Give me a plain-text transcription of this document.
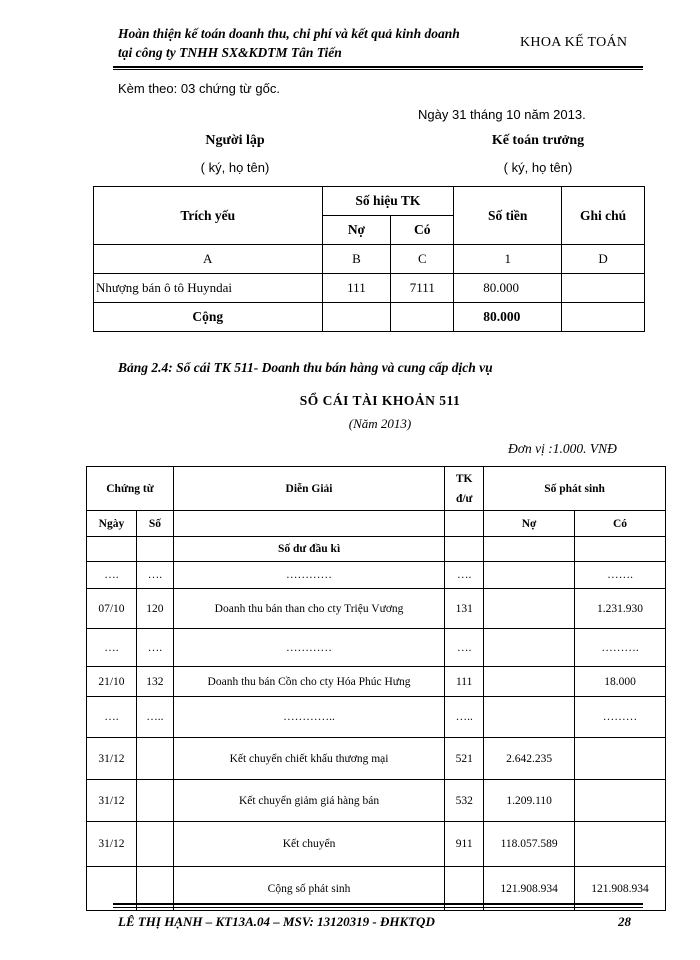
Hoàn thiện kế toán doanh thu, chi phí và kết quả kinh doanh
tại công ty TNHH SX&KDTM Tân Tiến
KHOA KẾ TOÁN
Kèm theo: 03 chứng từ gốc.
Ngày 31 tháng 10 năm 2013.
Người lập
( ký, họ tên)
Kế toán trưởng
( ký, họ tên)
Trích yếu	Số hiệu TK		Số tiền	Ghi chú
	Nợ	Có		
A	B	C	1	D
Nhượng bán ô tô Huyndai	111	7111	80.000	
Cộng			80.000	
Bảng 2.4: Sổ cái TK 511- Doanh thu bán hàng và cung cấp dịch vụ
SỔ CÁI TÀI KHOẢN 511
(Năm 2013)
Đơn vị :1.000. VNĐ
Chứng từ		Diễn Giải	TK
đ/ư	Số phát sinh	
Ngày	Số			Nợ	Có
		Số dư đầu kì			
….	….	…………	….		…….
07/10	120	Doanh thu bán than cho cty Triệu Vương	131		1.231.930
….	….	…………	….		……….
21/10	132	Doanh thu bán Cồn cho cty Hóa Phúc Hưng	111		18.000
….	…..	…………..	…..		………
31/12		Kết chuyển chiết khấu thương mại	521	2.642.235	
31/12		Kết chuyển giảm giá hàng bán	532	1.209.110	
31/12		Kết chuyển	911	118.057.589	
		Cộng số phát sinh		121.908.934	121.908.934
LÊ THỊ HẠNH – KT13A.04 – MSV: 13120319 - ĐHKTQD	28
